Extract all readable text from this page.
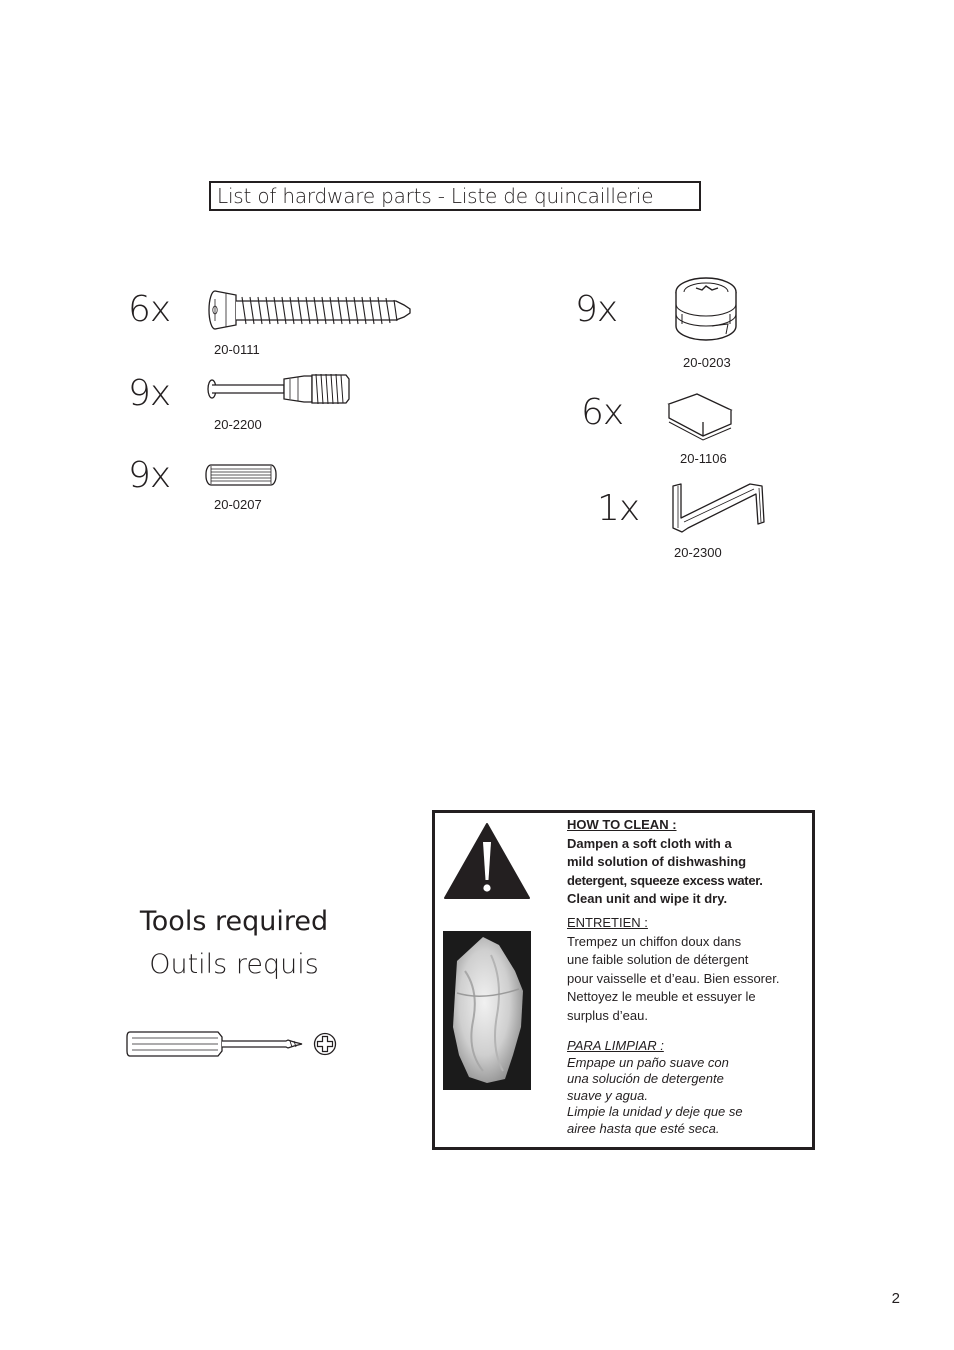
List of hardware parts - Liste de quincaillerie
6x
20-0111
9x
20-2200
9x
20-0207
9x
20-0203
6x
20-1106
1x
20-2300
Tools required
Outils requis
HOW TO CLEAN :
Dampen a soft cloth with a
mild solution of dishwashing
detergent, squeeze excess water.
Clean unit and wipe it dry.
ENTRETIEN :
Trempez un chiffon doux dans
une faible solution de détergent
pour vaisselle et d’eau. Bien essorer.
Nettoyez le meuble et essuyer le
surplus d’eau.
PARA LIMPIAR :
Empape un paño suave con
una solución de detergente
suave y agua.
Limpie la unidad y deje que se
airee hasta que esté seca.
2
